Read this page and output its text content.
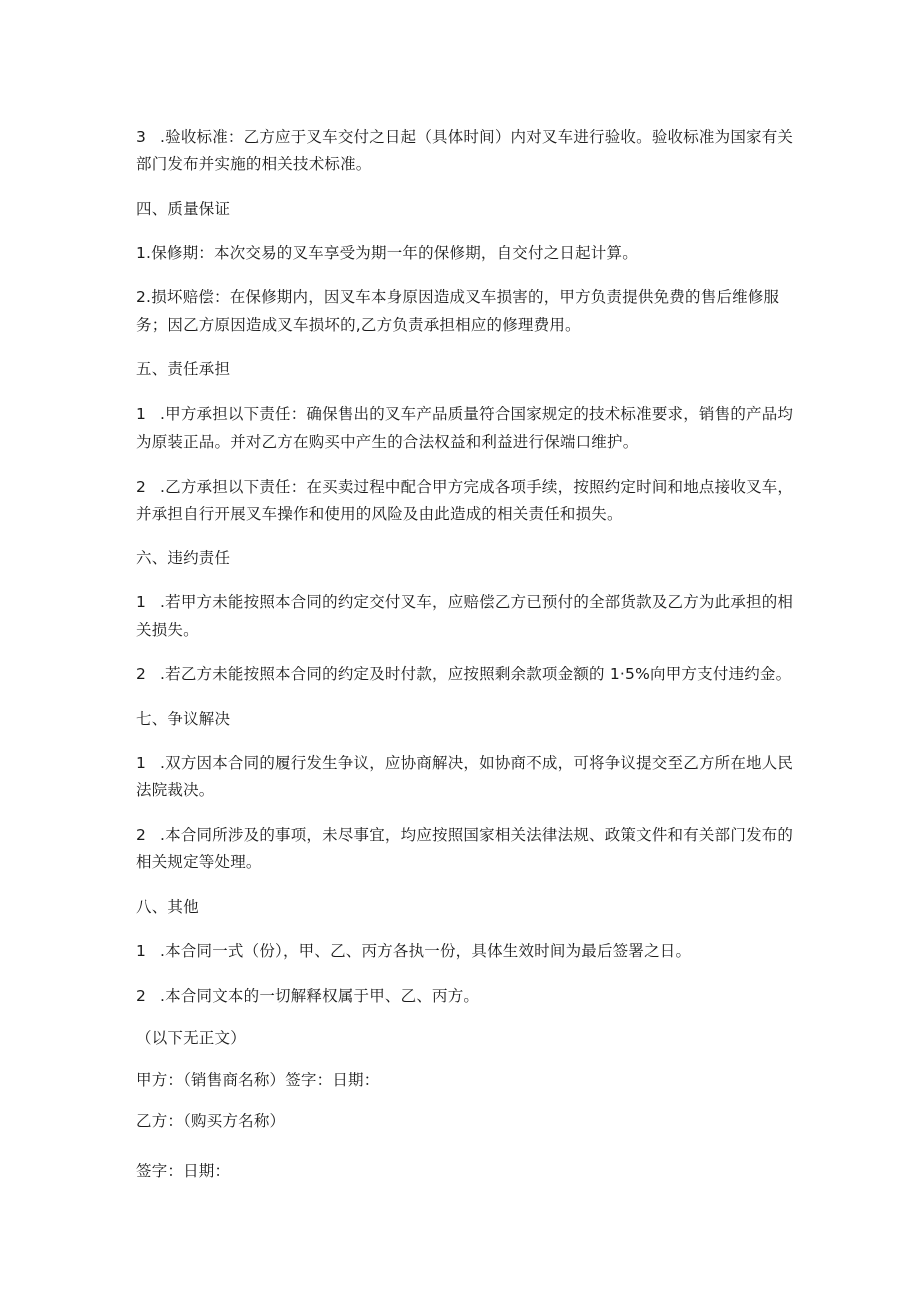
3 .验收标准：乙方应于叉车交付之日起（具体时间）内对叉车进行验收。验收标准为国家有关
部门发布并实施的相关技术标准。
四、质量保证
1.保修期：本次交易的叉车享受为期一年的保修期，自交付之日起计算。
2.损坏赔偿：在保修期内，因叉车本身原因造成叉车损害的，甲方负责提供免费的售后维修服
务；因乙方原因造成叉车损坏的,乙方负责承担相应的修理费用。
五、责任承担
1 .甲方承担以下责任：确保售出的叉车产品质量符合国家规定的技术标准要求，销售的产品均
为原装正品。并对乙方在购买中产生的合法权益和利益进行保端口维护。
2 .乙方承担以下责任：在买卖过程中配合甲方完成各项手续，按照约定时间和地点接收叉车，
并承担自行开展叉车操作和使用的风险及由此造成的相关责任和损失。
六、违约责任
1 .若甲方未能按照本合同的约定交付叉车，应赔偿乙方已预付的全部货款及乙方为此承担的相
关损失。
2 .若乙方未能按照本合同的约定及时付款，应按照剩余款项金额的 1·5%向甲方支付违约金。
七、争议解决
1 .双方因本合同的履行发生争议，应协商解决，如协商不成，可将争议提交至乙方所在地人民
法院裁决。
2 .本合同所涉及的事项，未尽事宜，均应按照国家相关法律法规、政策文件和有关部门发布的
相关规定等处理。
八、其他
1 .本合同一式（份），甲、乙、丙方各执一份，具体生效时间为最后签署之日。
2 .本合同文本的一切解释权属于甲、乙、丙方。
（以下无正文）
甲方：（销售商名称）签字：日期：
乙方：（购买方名称）
签字：日期：
